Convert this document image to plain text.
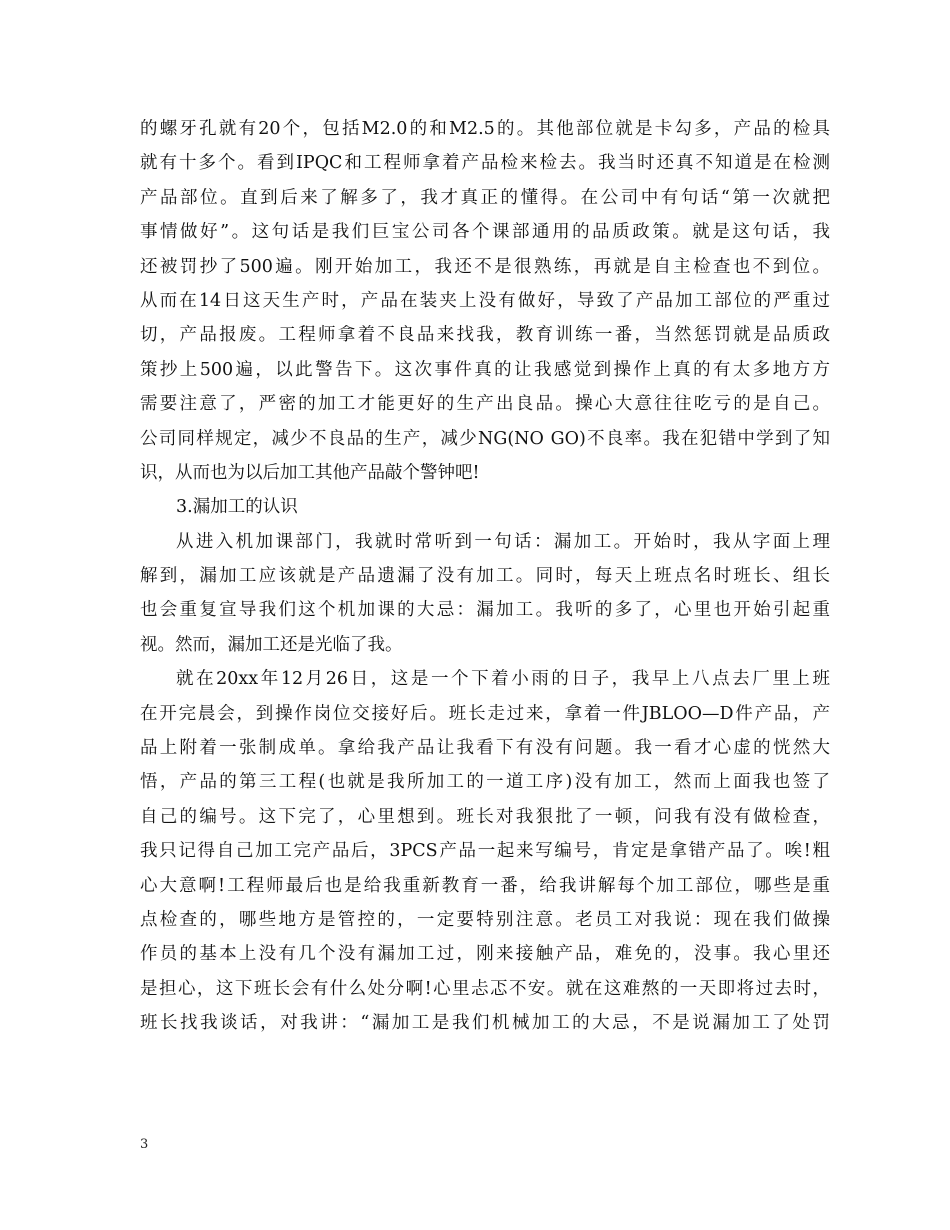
的螺牙孔就有20个，包括M2.0的和M2.5的。其他部位就是卡勾多，产品的检具
就有十多个。看到IPQC和工程师拿着产品检来检去。我当时还真不知道是在检测
产品部位。直到后来了解多了，我才真正的懂得。在公司中有句话“第一次就把
事情做好”。这句话是我们巨宝公司各个课部通用的品质政策。就是这句话，我
还被罚抄了500遍。刚开始加工，我还不是很熟练，再就是自主检查也不到位。
从而在14日这天生产时，产品在装夹上没有做好，导致了产品加工部位的严重过
切，产品报废。工程师拿着不良品来找我，教育训练一番，当然惩罚就是品质政
策抄上500遍，以此警告下。这次事件真的让我感觉到操作上真的有太多地方方
需要注意了，严密的加工才能更好的生产出良品。操心大意往往吃亏的是自己。
公司同样规定，减少不良品的生产，减少NG(NO GO)不良率。我在犯错中学到了知
识，从而也为以后加工其他产品敲个警钟吧!
3.漏加工的认识
从进入机加课部门，我就时常听到一句话：漏加工。开始时，我从字面上理
解到，漏加工应该就是产品遗漏了没有加工。同时，每天上班点名时班长、组长
也会重复宣导我们这个机加课的大忌：漏加工。我听的多了，心里也开始引起重
视。然而，漏加工还是光临了我。
就在20xx年12月26日，这是一个下着小雨的日子，我早上八点去厂里上班
在开完晨会，到操作岗位交接好后。班长走过来，拿着一件JBLOO—D件产品，产
品上附着一张制成单。拿给我产品让我看下有没有问题。我一看才心虚的恍然大
悟，产品的第三工程(也就是我所加工的一道工序)没有加工，然而上面我也签了
自己的编号。这下完了，心里想到。班长对我狠批了一顿，问我有没有做检查，
我只记得自己加工完产品后，3PCS产品一起来写编号，肯定是拿错产品了。唉!粗
心大意啊!工程师最后也是给我重新教育一番，给我讲解每个加工部位，哪些是重
点检查的，哪些地方是管控的，一定要特别注意。老员工对我说：现在我们做操
作员的基本上没有几个没有漏加工过，刚来接触产品，难免的，没事。我心里还
是担心，这下班长会有什么处分啊!心里忐忑不安。就在这难熬的一天即将过去时，
班长找我谈话，对我讲：“漏加工是我们机械加工的大忌，不是说漏加工了处罚
3
